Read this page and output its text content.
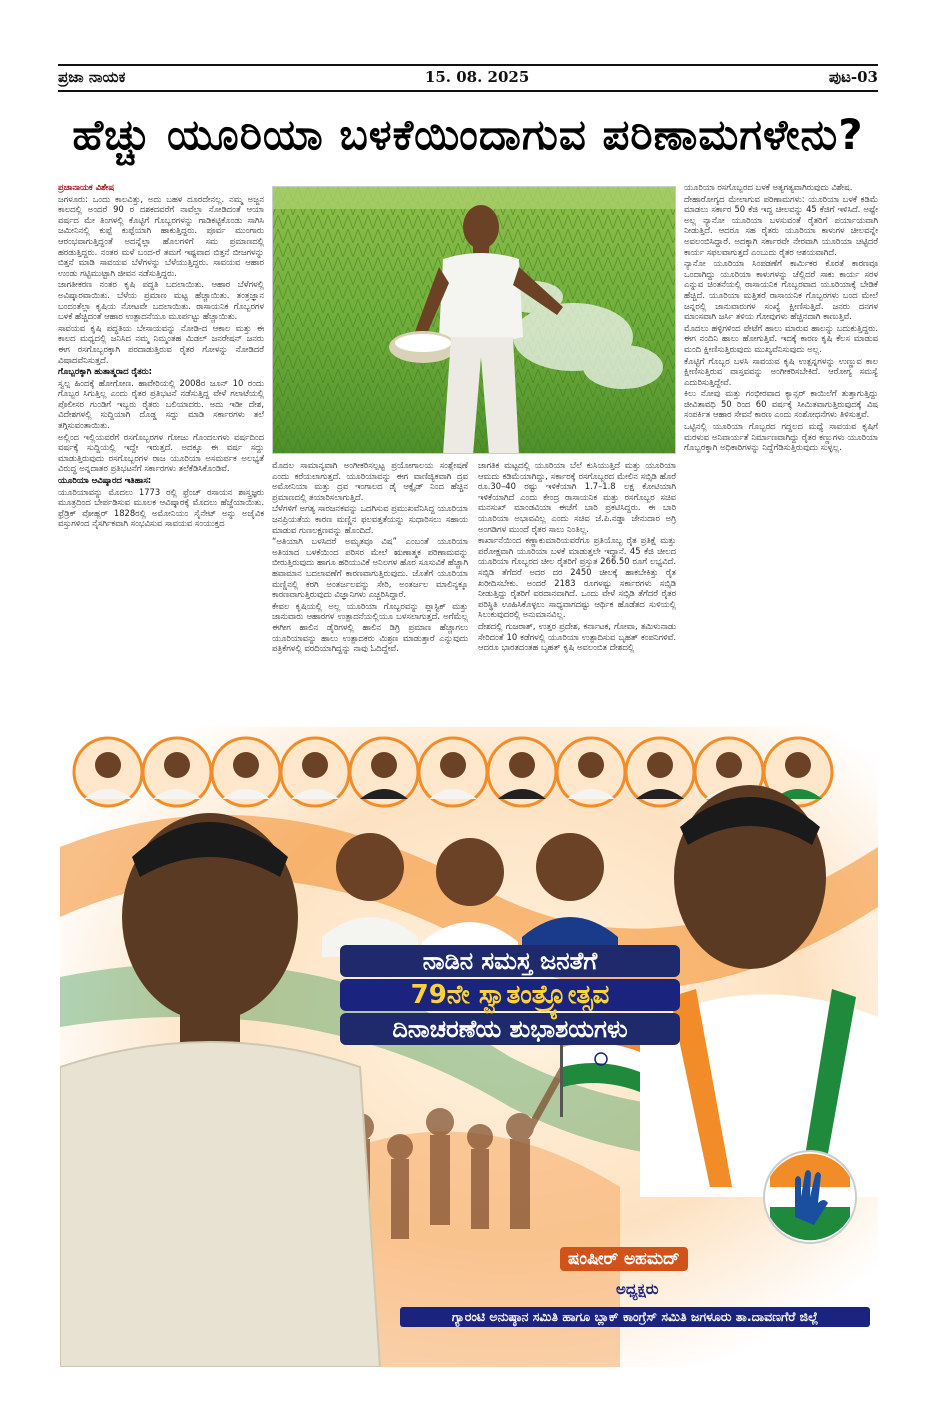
ಪ್ರಜಾ ನಾಯಕ	15. 08. 2025	ಪುಟ-03
ಹೆಚ್ಚು ಯೂರಿಯಾ ಬಳಕೆಯಿಂದಾಗುವ ಪರಿಣಾಮಗಳೇನು?

ಪ್ರಜಾನಾಯಕ ವಿಶೇಷ

ಜಗಳೂರು: ಒಂದು ಕಾಲವಿತ್ತು, ಅದು ಬಹಳ ದೂರದೇನಲ್ಲ. ನಮ್ಮ ಅಜ್ಜನ ಕಾಲದಲ್ಲಿ ಅಂದರೆ 90 ರ ದಶಕದವರೆಗೆ ನಾವೆಲ್ಲಾ ನೋಡಿದಂತೆ ಆಯಾ ವರ್ಷದ ಮೇ ತಿಂಗಳಲ್ಲಿ ಕೊಟ್ಟಿಗೆ ಗೊಬ್ಬರಗಳನ್ನು ಗಾಡಿಕಟ್ಟಿಕೊಂಡು ಸಾಗಿಸಿ ಜಮೀನಿನಲ್ಲಿ ಕುಪ್ಪೆ ಕುಪ್ಪೆಯಾಗಿ ಹಾಕುತ್ತಿದ್ದರು. ಪೂರ್ವ ಮುಂಗಾರು ಆರಂಭವಾಗುತ್ತಿದ್ದಂತೆ ಅದನ್ನೆಲ್ಲಾ ಹೊಲಗಳಿಗೆ ಸಮ ಪ್ರಮಾಣದಲ್ಲಿ ಹರಡುತ್ತಿದ್ದರು. ನಂತರ ಮಳೆ ಬಂದ-ರೆ ತಮಗೆ ಇಷ್ಟವಾದ ಬಿತ್ತನೆ ಬೀಜಗಳನ್ನು ಬಿತ್ತನೆ ಮಾಡಿ ಸಾವಯವ ಬೆಳೆಗಳನ್ನು ಬೆಳೆಯುತ್ತಿದ್ದರು. ಸಾವಯವ ಆಹಾರ ಉಂಡು ಗಟ್ಟಿಮುಟ್ಟಾಗಿ ಜೀವನ ನಡೆಸುತ್ತಿದ್ದರು.

ಜಾಗತೀಕರಣ ನಂತರ ಕೃಷಿ ಪದ್ಧತಿ ಬದಲಾಯಿತು. ಆಹಾರ ಬೆಳೆಗಳಲ್ಲಿ ಅವಿಷ್ಕಾರವಾಯಿತು. ಬೆಳೆಯ ಪ್ರಮಾಣ ಮಟ್ಟ ಹೆಚ್ಚಾಯಿತು. ತಂತ್ರಜ್ಞಾನ ಬಂದಂತೆಲ್ಲಾ ಕೃಷಿಯ ನೋಟವೇ ಬದಲಾಯಿತು. ರಾಸಾಯನಿಕ ಗೊಬ್ಬರಗಳ ಬಳಕೆ ಹೆಚ್ಚಿದಂತೆ ಆಹಾರ ಉತ್ಪಾದನೆಯೂ ಮೂರ್ಪಟ್ಟು ಹೆಚ್ಚಾಯಿತು.

ಸಾವಯವ ಕೃಷಿ ಪದ್ಧತಿಯ ಬೇಸಾಯವನ್ನು ನೋಡಿ-ದ ಆಕಾಲ ಮತ್ತು ಈ ಕಾಲದ ಮಧ್ಯದಲ್ಲಿ ಜನಿಸಿದ ನಮ್ಮ ನಿಮ್ಮಂತಹ ಮಿಡಲ್ ಜನರೇಷನ್ ಜನರು ಈಗ ರಸಗೊಬ್ಬರಕ್ಕಾಗಿ ಪರದಾಡುತ್ತಿರುವ ರೈತರ ಗೋಳನ್ನು ನೋಡಿದರೆ ವಿಷಾದವೆನಿಸುತ್ತದೆ.

ಗೊಬ್ಬರಕ್ಕಾಗಿ ಹುತಾತ್ಮರಾದ ರೈತರು:

ಸ್ವಲ್ಪ ಹಿಂದಕ್ಕೆ ಹೋಗೋಣ. ಹಾವೇರಿಯಲ್ಲಿ 2008ರ ಜೂನ್ 10 ರಂದು ಗೊಬ್ಬರ ಸಿಗುತ್ತಿಲ್ಲ ಎಂದು ರೈತರ ಪ್ರತಿಭಟನೆ ನಡೆಸುತ್ತಿದ್ದ ವೇಳೆ ಗಲಾಟೆಯಲ್ಲಿ ಪೊಲೀಸರ ಗುಂಡಿಗೆ ಇಬ್ಬರು ರೈತರು ಬಲಿಯಾದರು. ಅದು ಇಡೀ ದೇಶ, ವಿದೇಶಗಳಲ್ಲಿ ಸುದ್ದಿಯಾಗಿ ದೊಡ್ಡ ಸದ್ದು ಮಾಡಿ ಸರ್ಕಾರಗಳು ತಲೆ ತಗ್ಗಿಸುವಂತಾಯಿತು.

ಅಲ್ಲಿಂದ ಇಲ್ಲಿಯವರೆಗೆ ರಸಗೊಬ್ಬರಗಳ ಗೋಜು ಗೊಂದಲಗಳು ವರ್ಷದಿಂದ ವರ್ಷಕ್ಕೆ ಸುದ್ದಿಯಲ್ಲಿ ಇದ್ದೇ ಇರುತ್ತದೆ. ಅದಕ್ಕೂ ಈ ವರ್ಷ ಸದ್ದು ಮಾಡುತ್ತಿರುವುದು ರಸಗೊಬ್ಬರಗಳ ರಾಜ ಯೂರಿಯಾ ಅಸಮರ್ಪಕ ಅಲಭ್ಯತೆ ವಿರುದ್ಧ ಅನ್ನದಾತರ ಪ್ರತಿಭಟನೆಗೆ ಸರ್ಕಾರಗಳು ತಲೆಕೆಡಿಸಿಕೊಂಡಿವೆ.

ಯೂರಿಯಾ ಆವಿಷ್ಕಾರದ ಇತಿಹಾಸ:

ಯೂರಿಯಾವನ್ನು ಮೊದಲು 1773 ರಲ್ಲಿ ಫ್ರೆಂಚ್ ರಸಾಯನ ಶಾಸ್ತ್ರಜ್ಞರು ಮೂತ್ರದಿಂದ ಬೇರ್ಪಡಿಸುವ ಮೂಲಕ ಆವಿಷ್ಕಾರಕ್ಕೆ ಮೊದಲು ಹೆಜ್ಜೆಯಾಯಿತು. ಫ್ರೆಡ್ರಿಕ್ ವೋಹ್ಲರ್ 1828ರಲ್ಲಿ ಅಮೋನಿಯಂ ಸೈನೇಟ್ ಅನ್ನು ಅಜೈವಿಕ ವಸ್ತುಗಳಿಂದ ನೈಸರ್ಗಿಕವಾಗಿ ಸಂಭವಿಸುವ ಸಾವಯವ ಸಂಯುಕ್ತದ

ಮೊದಲ ಸಾಮಾನ್ಯವಾಗಿ ಅಂಗೀಕರಿಸಲ್ಪಟ್ಟ ಪ್ರಯೋಗಾಲಯ ಸಂಶ್ಲೇಷಣೆ ಎಂದು ಕರೆಯಲಾಗುತ್ತದೆ. ಯೂರಿಯಾವನ್ನು ಈಗ ವಾಣಿಜ್ಯಿಕವಾಗಿ ದ್ರವ ಅಮೋನಿಯಾ ಮತ್ತು ದ್ರವ ಇಂಗಾಲದ ಡೈ ಆಕ್ಸೈಡ್ ನಿಂದ ಹೆಚ್ಚಿನ ಪ್ರಮಾಣದಲ್ಲಿ ತಯಾರಿಸಲಾಗುತ್ತಿದೆ.

ಬೆಳೆಗಳಿಗೆ ಅಗತ್ಯ ಸಾರಜನಕವನ್ನು ಒದಗಿಸುವ ಪ್ರಮುಖವೆನಿಸಿದ್ದ ಯೂರಿಯಾ ಜನಪ್ರಿಯತೆಯ ಕಾರಣ ಮಣ್ಣಿನ ಫಲವತ್ತತೆಯನ್ನು ಸುಧಾರಿಸಲು ಸಹಾಯ ಮಾಡುವ ಗುಣಲಕ್ಷಣವನ್ನು ಹೊಂದಿದೆ.

“ಅತಿಯಾಗಿ ಬಳಸಿದರೆ ಅಮೃತವೂ ವಿಷ” ಎಂಬಂತೆ ಯೂರಿಯಾ ಅತಿಯಾದ ಬಳಕೆಯಿಂದ ಪರಿಸರ ಮೇಲೆ ಋಣಾತ್ಮಕ ಪರಿಣಾಮವನ್ನು ಬೀರುತ್ತಿರುವುದು ಹಾಗೂ ಹರಿಯುವಿಕೆ ಅನಿಲಗಳ ಹೊರ ಸೂಸುವಿಕೆ ಹೆಚ್ಚಾಗಿ ಹವಾಮಾನ ಬದಲಾವಣೆಗೆ ಕಾರಣವಾಗುತ್ತಿರುವುದು. ಜೊತೆಗೆ ಯೂರಿಯಾ ಮಣ್ಣಿನಲ್ಲಿ ಕರಗಿ ಅಂತರ್ಜಲವನ್ನು ಸೇರಿ, ಅಂತರ್ಜಲ ಮಾಲಿನ್ಯಕ್ಕೂ ಕಾರಣವಾಗುತ್ತಿರುವುದು ವಿಜ್ಞಾನಿಗಳು ಎಚ್ಚರಿಸಿದ್ದಾರೆ.

ಕೇವಲ ಕೃಷಿಯಲ್ಲಿ ಅಲ್ಲ ಯೂರಿಯಾ ಗೊಬ್ಬರವನ್ನು ಪ್ಲಾಸ್ಟಿಕ್ ಮತ್ತು ಜಾನುವಾರು ಆಹಾರಗಳ ಉತ್ಪಾದನೆಯಲ್ಲಿಯೂ ಬಳಸಲಾಗುತ್ತದೆ. ಅಗೆಮೆಲ್ಲ ಈಗೀಗ ಹಾಲಿನ ಡೈರಿಗಳಲ್ಲಿ ಹಾಲಿನ ಡಿಗ್ರಿ ಪ್ರಮಾಣ ಹೆಚ್ಚಾಗಲು ಯೂರಿಯಾವನ್ನು ಹಾಲು ಉತ್ಪಾದಕರು ಮಿಶ್ರಣ ಮಾಡುತ್ತಾರೆ ಎನ್ನುವುದು ಪತ್ರಿಕೆಗಳಲ್ಲಿ ವರದಿಯಾಗಿದ್ದನ್ನು ನಾವು ಓದಿದ್ದೇವೆ.

ಜಾಗತಿಕ ಮಟ್ಟದಲ್ಲಿ ಯೂರಿಯಾ ಬೆಲೆ ಕುಸಿಯುತ್ತಿದೆ ಮತ್ತು ಯೂರಿಯಾ ಆಮದು ಕಡಿಮೆಯಾಗಿದ್ದು, ಸರ್ಕಾರಕ್ಕೆ ರಸಗೊಬ್ಬರದ ಮೇಲಿನ ಸಬ್ಸಿಡಿ ಹೊರೆ ರೂ.30–40 ರಷ್ಟು ಇಳಿಕೆಯಾಗಿ 1.7–1.8 ಲಕ್ಷ ಕೋಟಿಯಾಗಿ ಇಳಿಕೆಯಾಗಿದೆ ಎಂದು ಕೇಂದ್ರ ರಾಸಾಯನಿಕ ಮತ್ತು ರಸಗೊಬ್ಬರ ಸಚಿವ ಮನಸುಖ್ ಮಾಂಡವಿಯಾ ಈಚೆಗೆ ಬಾರಿ ಪ್ರಕಟಿಸಿದ್ದರು. ಈ ಬಾರಿ ಯೂರಿಯಾ ಅಭಾವವಿಲ್ಲ ಎಂದು ಸಚಿವ ಜೆ.ಪಿ.ನಡ್ಡಾ ಜೇನುದಾರ ಅಗ್ರಿ ಅಂಗಡಿಗಳ ಮುಂದೆ ರೈತರ ಸಾಲು ನಿಂತಿಲ್ಲ.

ಕಾರ್ಖಾನೆಯಿಂದ ಕಣ್ಣಾಕುಮಾರಿಯವರೆಗೂ ಪ್ರತಿಯೊಬ್ಬ ರೈತ ಪ್ರತಿಕ್ಷೆ ಮತ್ತು ಪರೋಕ್ಷವಾಗಿ ಯೂರಿಯಾ ಬಳಕೆ ಮಾಡುತ್ತಲೇ ಇದ್ದಾನೆ. 45 ಕೆಜಿ ಚೀಲದ ಯೂರಿಯಾ ಗೊಬ್ಬರದ ಚೀಲ ರೈತರಿಗೆ ಪ್ರಸ್ತುತ 266.50 ರೂಗೆ ಲಭ್ಯವಿದೆ. ಸಬ್ಸಿಡಿ ತೆಗೆದರೆ ಅದರ ದರ 2450 ಚೀಲಕ್ಕೆ ಹಾಕಬೇಕಿತ್ತು ರೈತ ಖರೀದಿಸಬೇಕು. ಅಂದರೆ 2183 ರೂಗಳಷ್ಟು ಸರ್ಕಾರಗಳು ಸಬ್ಸಿಡಿ ನೀಡುತ್ತಿದ್ದು ರೈತರಿಗೆ ವರದಾನವಾಗಿದೆ. ಒಂದು ವೇಳೆ ಸಬ್ಸಿಡಿ ತೆಗೆದರೆ ರೈತರ ಪರಿಸ್ಥಿತಿ ಊಹಿಸಿಕೊಳ್ಳಲು ಸಾಧ್ಯವಾಗದಷ್ಟು ಆರ್ಥಿಕ ಹೊಡೆತದ ಸುಳಿಯಲ್ಲಿ ಸಿಲುಕುವುದರಲ್ಲಿ ಅನುಮಾನವಿಲ್ಲ.

ದೇಶದಲ್ಲಿ ಗುಜರಾತ್, ಉತ್ತರ ಪ್ರದೇಶ, ಕರ್ನಾಟಕ, ಗೋವಾ, ತಮಿಳುನಾಡು ಸೇರಿದಂತೆ 10 ಕಡೆಗಳಲ್ಲಿ ಯೂರಿಯಾ ಉತ್ಪಾದಿಸುವ ಬೃಹತ್ ಕಂಪನಿಗಳಿವೆ. ಆದರೂ ಭಾರತದಂತಹ ಬೃಹತ್ ಕೃಷಿ ಅವಲಂಬಿತ ದೇಶದಲ್ಲಿ

ಯೂರಿಯಾ ರಸಗೊಬ್ಬರದ ಬಳಕೆ ಅತ್ಯಗತ್ಯವಾಗಿರುವುದು ವಿಶೇಷ.

ದೇಹಾರೋಗ್ಯದ ಮೇಲಾಗುವ ಪರಿಣಾಮಗಳು: ಯೂರಿಯಾ ಬಳಕೆ ಕಡಿಮೆ ಮಾಡಲು ಸರ್ಕಾರ 50 ಕೆಜಿ ಇದ್ದ ಚೀಲವನ್ನು 45 ಕೆಜಿಗೆ ಇಳಿಸಿದೆ. ಅಷ್ಟೇ ಅಲ್ಲ ನ್ಯಾನೋ ಯೂರಿಯಾ ಬಳಸುವಂತೆ ರೈತರಿಗೆ ಪರ್ಯಾಯವಾಗಿ ನೀಡುತ್ತಿದೆ. ಆದರೂ ಸಹ ರೈತರು ಯೂರಿಯಾ ಕಾಳುಗಳ ಚೀಲವನ್ನೇ ಅವಲಂಬಿಸಿದ್ದಾರೆ. ಅದಕ್ಕಾಗಿ ಸರ್ಕಾರವೇ ನೇರವಾಗಿ ಯೂರಿಯಾ ಚಟ್ಟಿದರೆ ಕಾರ್ಯ ಸಫಲವಾಗುತ್ತದೆ ಎಂಬುದು ರೈತರ ಆಶಯವಾಗಿದೆ.

ನ್ಯಾನೋ ಯೂರಿಯಾ ಸಿಂಪಡಣೆಗೆ ಕಾರ್ಮಿಕರ ಕೊರತೆ ಕಾರಣವೂ ಒಂದಾಗಿದ್ದು ಯೂರಿಯಾ ಕಾಳುಗಳನ್ನು ಚೆಲ್ಲಿದರೆ ಸಾಕು ಕಾರ್ಯ ಸರಳ ಎನ್ನುವ ಚಿಂತನೆಯಲ್ಲಿ ರಾಸಾಯನಿಕ ಗೊಬ್ಬರವಾದ ಯೂರಿಯಾಕ್ಕೆ ಬೇಡಿಕೆ ಹೆಚ್ಚಿದೆ. ಯೂರಿಯಾ ಮತ್ತಿತರೆ ರಾಸಾಯನಿಕ ಗೊಬ್ಬರಗಳು ಬಂದ ಮೇಲೆ ಜನ್ನರಲ್ಲಿ ಜಾನುವಾರುಗಳ ಸಂಖ್ಯೆ ಕ್ಷೀಣಿಸುತ್ತಿದೆ. ಜನರು ದನಗಳ ಮಾಂಸವಾಗಿ ಜರ್ಸಿ ತಳಿಯ ಗೋವುಗಳು ಹೆಚ್ಚಿನದಾಗಿ ಕಾಣುತ್ತಿವೆ.

ಮೊದಲು ಹಳ್ಳಿಗಳಿಂದ ಪೇಟೆಗೆ ಹಾಲು ಮಾರುವ ಹಾಲನ್ನು ಬದುಕುತ್ತಿದ್ದರು. ಈಗ ನಂದಿನಿ ಹಾಲು ಹೋಗುತ್ತಿವೆ. ಇದಕ್ಕೆ ಕಾರಣ ಕೃಷಿ ಕೆಲಸ ಮಾಡುವ ಮಂದಿ ಕ್ಷೀಣಿಸುತ್ತಿರುವುದು ಮುಖ್ಯವೆನಿಸುವುದು ಅಲ್ಲ.

ಕೊಟ್ಟಿಗೆ ಗೊಬ್ಬರ ಬಳಸಿ ಸಾವಯವ ಕೃಷಿ ಉತ್ಪನ್ನಗಳನ್ನು ಉಣ್ಣುವ ಕಾಲ ಕ್ಷೀಣಿಸುತ್ತಿರುವ ವಾಸ್ತವವನ್ನು ಅಂಗೀಕರಿಸಬೇಕಿದೆ. ಆರೋಗ್ಯ ಸಮಸ್ಯೆ ಎದುರಿಸುತ್ತಿದ್ದೇವೆ.

ಕಿಲು ನೋವು ಮತ್ತು ಗಂಭೀರವಾದ ಕ್ಯಾನ್ಸರ್ ಕಾಯಿಲೆಗೆ ತುತ್ತಾಗುತ್ತಿದ್ದು ಜೀವಿತಾವಧಿ 50 ರಿಂದ 60 ವರ್ಷಕ್ಕೆ ಸೀಮಿತವಾಗುತ್ತಿರುವುದಕ್ಕೆ ವಿಷ ಸಂಪರ್ಕಿತ ಆಹಾರ ಸೇವನೆ ಕಾರಣ ಎಂದು ಸಂಶೋಧನೆಗಳು ತಿಳಿಸುತ್ತವೆ.

ಒಟ್ಟಿನಲ್ಲಿ ಯೂರಿಯಾ ಗೊಬ್ಬರದ ಗದ್ದಲದ ಮಧ್ಯೆ ಸಾವಯವ ಕೃಷಿಗೆ ಮರಳುವ ಅನಿವಾರ್ಯತೆ ನಿರ್ಮಾಣವಾಗಿದ್ದು ರೈತರ ಕಣ್ಣುಗಳು ಯೂರಿಯಾ ಗೊಬ್ಬರಕ್ಕಾಗಿ ಅಧಿಕಾರಿಗಳನ್ನು ನಿದ್ದೆಗೆಡಿಸುತ್ತಿರುವುದು ಸುಳ್ಳಲ್ಲ.

ನಾಡಿನ ಸಮಸ್ತ ಜನತೆಗೆ
79ನೇ ಸ್ವಾತಂತ್ರ್ಯೋತ್ಸವ
ದಿನಾಚರಣೆಯ ಶುಭಾಶಯಗಳು
ಷಂಷೀರ್ ಅಹಮದ್
ಅಧ್ಯಕ್ಷರು
ಗ್ಯಾರಂಟಿ ಅನುಷ್ಠಾನ ಸಮಿತಿ ಹಾಗೂ ಬ್ಲಾಕ್ ಕಾಂಗ್ರೆಸ್ ಸಮಿತಿ ಜಗಳೂರು ತಾ.ದಾವಣಗೆರೆ ಜಿಲ್ಲೆ
